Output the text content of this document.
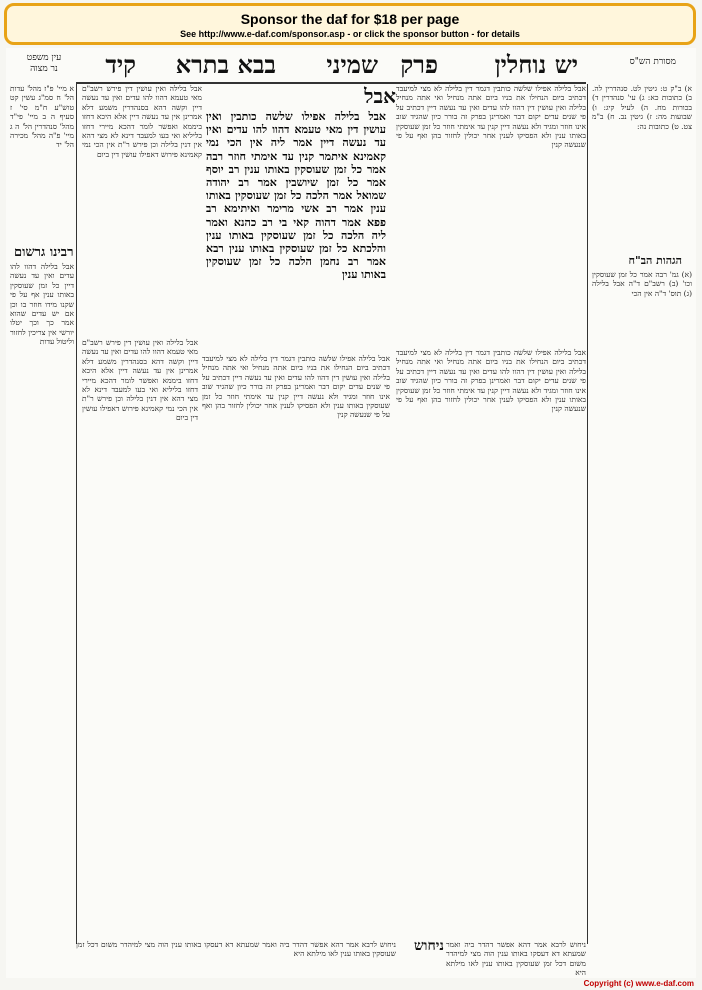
Sponsor the daf for $18 per page
See http://www.e-daf.com/sponsor.asp - or click the sponsor button - for details
יש נוחלין
פרק
שמיני
בבא בתרא
קיד	מסורת הש"ס
עין משפט
נר מצוה
א) ב"ק ט: גיטין לט. סנהדרין לה. ב) כתובות כא: ג) עי' סנהדרין ד) בכורות מח. ה) לעיל קיג: ו) שבועות מה: ז) גיטין נב. ח) ב"מ צט. ט) כתובות נה:
הגהות הב"ח
(א) גמ' רבה אמר כל זמן שעוסקין וכו' (ב) רשב"ם ד"ה אבל בלילה (ג) תוס' ד"ה אין הכי
אבל בלילה אפילו שלשה כותבין דגמר דין בלילה לא מצי למיעבד דכתיב ביום הנחילו את בניו ביום אתה מנחיל ואי אתה מנחיל בלילה ואין עושין דין דהוו להו עדים ואין עד נעשה דיין דכתיב על פי שנים עדים יקום דבר ואמרינן בפרק זה בורר כיון שהגיד שוב אינו חוזר ומגיד ולא נעשה דיין קנין עד אימתי חוזר כל זמן שעוסקין באותו ענין ולא הפסיקו לענין אחר יכולין לחזור בהן ואף על פי שנעשה קנין
אבל בלילה אפילו שלשה כותבין דגמר דין בלילה לא מצי למיעבד דכתיב ביום הנחילו את בניו ביום אתה מנחיל ואי אתה מנחיל בלילה ואין עושין דין דהוו להו עדים ואין עד נעשה דיין דכתיב על פי שנים עדים יקום דבר ואמרינן בפרק זה בורר כיון שהגיד שוב אינו חוזר ומגיד ולא נעשה דיין קנין עד אימתי חוזר כל זמן שעוסקין באותו ענין ולא הפסיקו לענין אחר יכולין לחזור בהן ואף על פי שנעשה קנין
אבל
אבל בלילה אפילו שלשה כותבין ואין עושין דין מאי טעמא דהוו להו עדים ואין עד נעשה דיין אמר ליה אין הכי נמי קאמינא איתמר קנין עד אימתי חוזר רבה אמר כל זמן שעוסקין באותו ענין רב יוסף אמר כל זמן שיושבין אמר רב יהודה שמואל אמר הלכה כל זמן שעוסקין באותו ענין אמר רב אשי מרימר ואיתימא רב פפא אמר דהוה קאי בי רב כהנא ואמר ליה הלכה כל זמן שעוסקין באותו ענין והלכתא כל זמן שעוסקין באותו ענין רבא אמר רב נחמן הלכה כל זמן שעוסקין באותו ענין
אבל בלילה ואין עושין דין פירש רשב"ם מאי טעמא דהוו להו עדים ואין עד נעשה דיין וקשה דהא בסנהדרין משמע דלא אמרינן אין עד נעשה דיין אלא היכא דחזו ביממא ואפשר לומר דהכא מיירי דחזו בליליא ואי בעו למעבד דינא לא מצי דהא אין דנין בלילה וכן פירש ר"ת אין הכי נמי קאמינא פירוש דאפילו עושין דין ביום
אבל בלילה אפילו שלשה כותבין דגמר דין בלילה לא מצי למיעבד דכתיב ביום הנחילו את בניו ביום אתה מנחיל ואי אתה מנחיל בלילה ואין עושין דין דהוו להו עדים ואין עד נעשה דיין דכתיב על פי שנים עדים יקום דבר ואמרינן בפרק זה בורר כיון שהגיד שוב אינו חוזר ומגיד ולא נעשה דיין קנין עד אימתי חוזר כל זמן שעוסקין באותו ענין ולא הפסיקו לענין אחר יכולין לחזור בהן ואף על פי שנעשה קנין
אבל בלילה ואין עושין דין פירש רשב"ם מאי טעמא דהוו להו עדים ואין עד נעשה דיין וקשה דהא בסנהדרין משמע דלא אמרינן אין עד נעשה דיין אלא היכא דחזו ביממא ואפשר לומר דהכא מיירי דחזו בליליא ואי בעו למעבד דינא לא מצי דהא אין דנין בלילה וכן פירש ר"ת אין הכי נמי קאמינא פירוש דאפילו עושין דין ביום
א מיי' פ"ז מהל' עדות הל' ח סמ"ג עשין קט טוש"ע ח"מ סי' ז סעיף ה ב מיי' פי"ד מהל' סנהדרין הל' ה ג מיי' פ"ה מהל' מכירה הל' יד
רבינו גרשום
אבל בלילה דהוו להו עדים ואין עד נעשה דיין כל זמן שעוסקין באותו ענין אף על פי שקנו מידו חוזר בו וכן אם יש עדים שהוא אמר כך וכך יטלו יורשי אין צריכין לחזור וליטול עדות
ניחוש ניחוש לרבא אמר דהא אפשר דהדר ביה ואמר שמעתא דא דעסקו באותו ענין הוה מצי למיהדר משום דכל זמן שעוסקין באותו ענין לאו מילתא היא
ניחוש לרבא אמר דהא אפשר דהדר ביה ואמר שמעתא דא דעסקו באותו ענין הוה מצי למיהדר משום דכל זמן שעוסקין באותו ענין לאו מילתא היא
Copyright (c) www.e-daf.com
